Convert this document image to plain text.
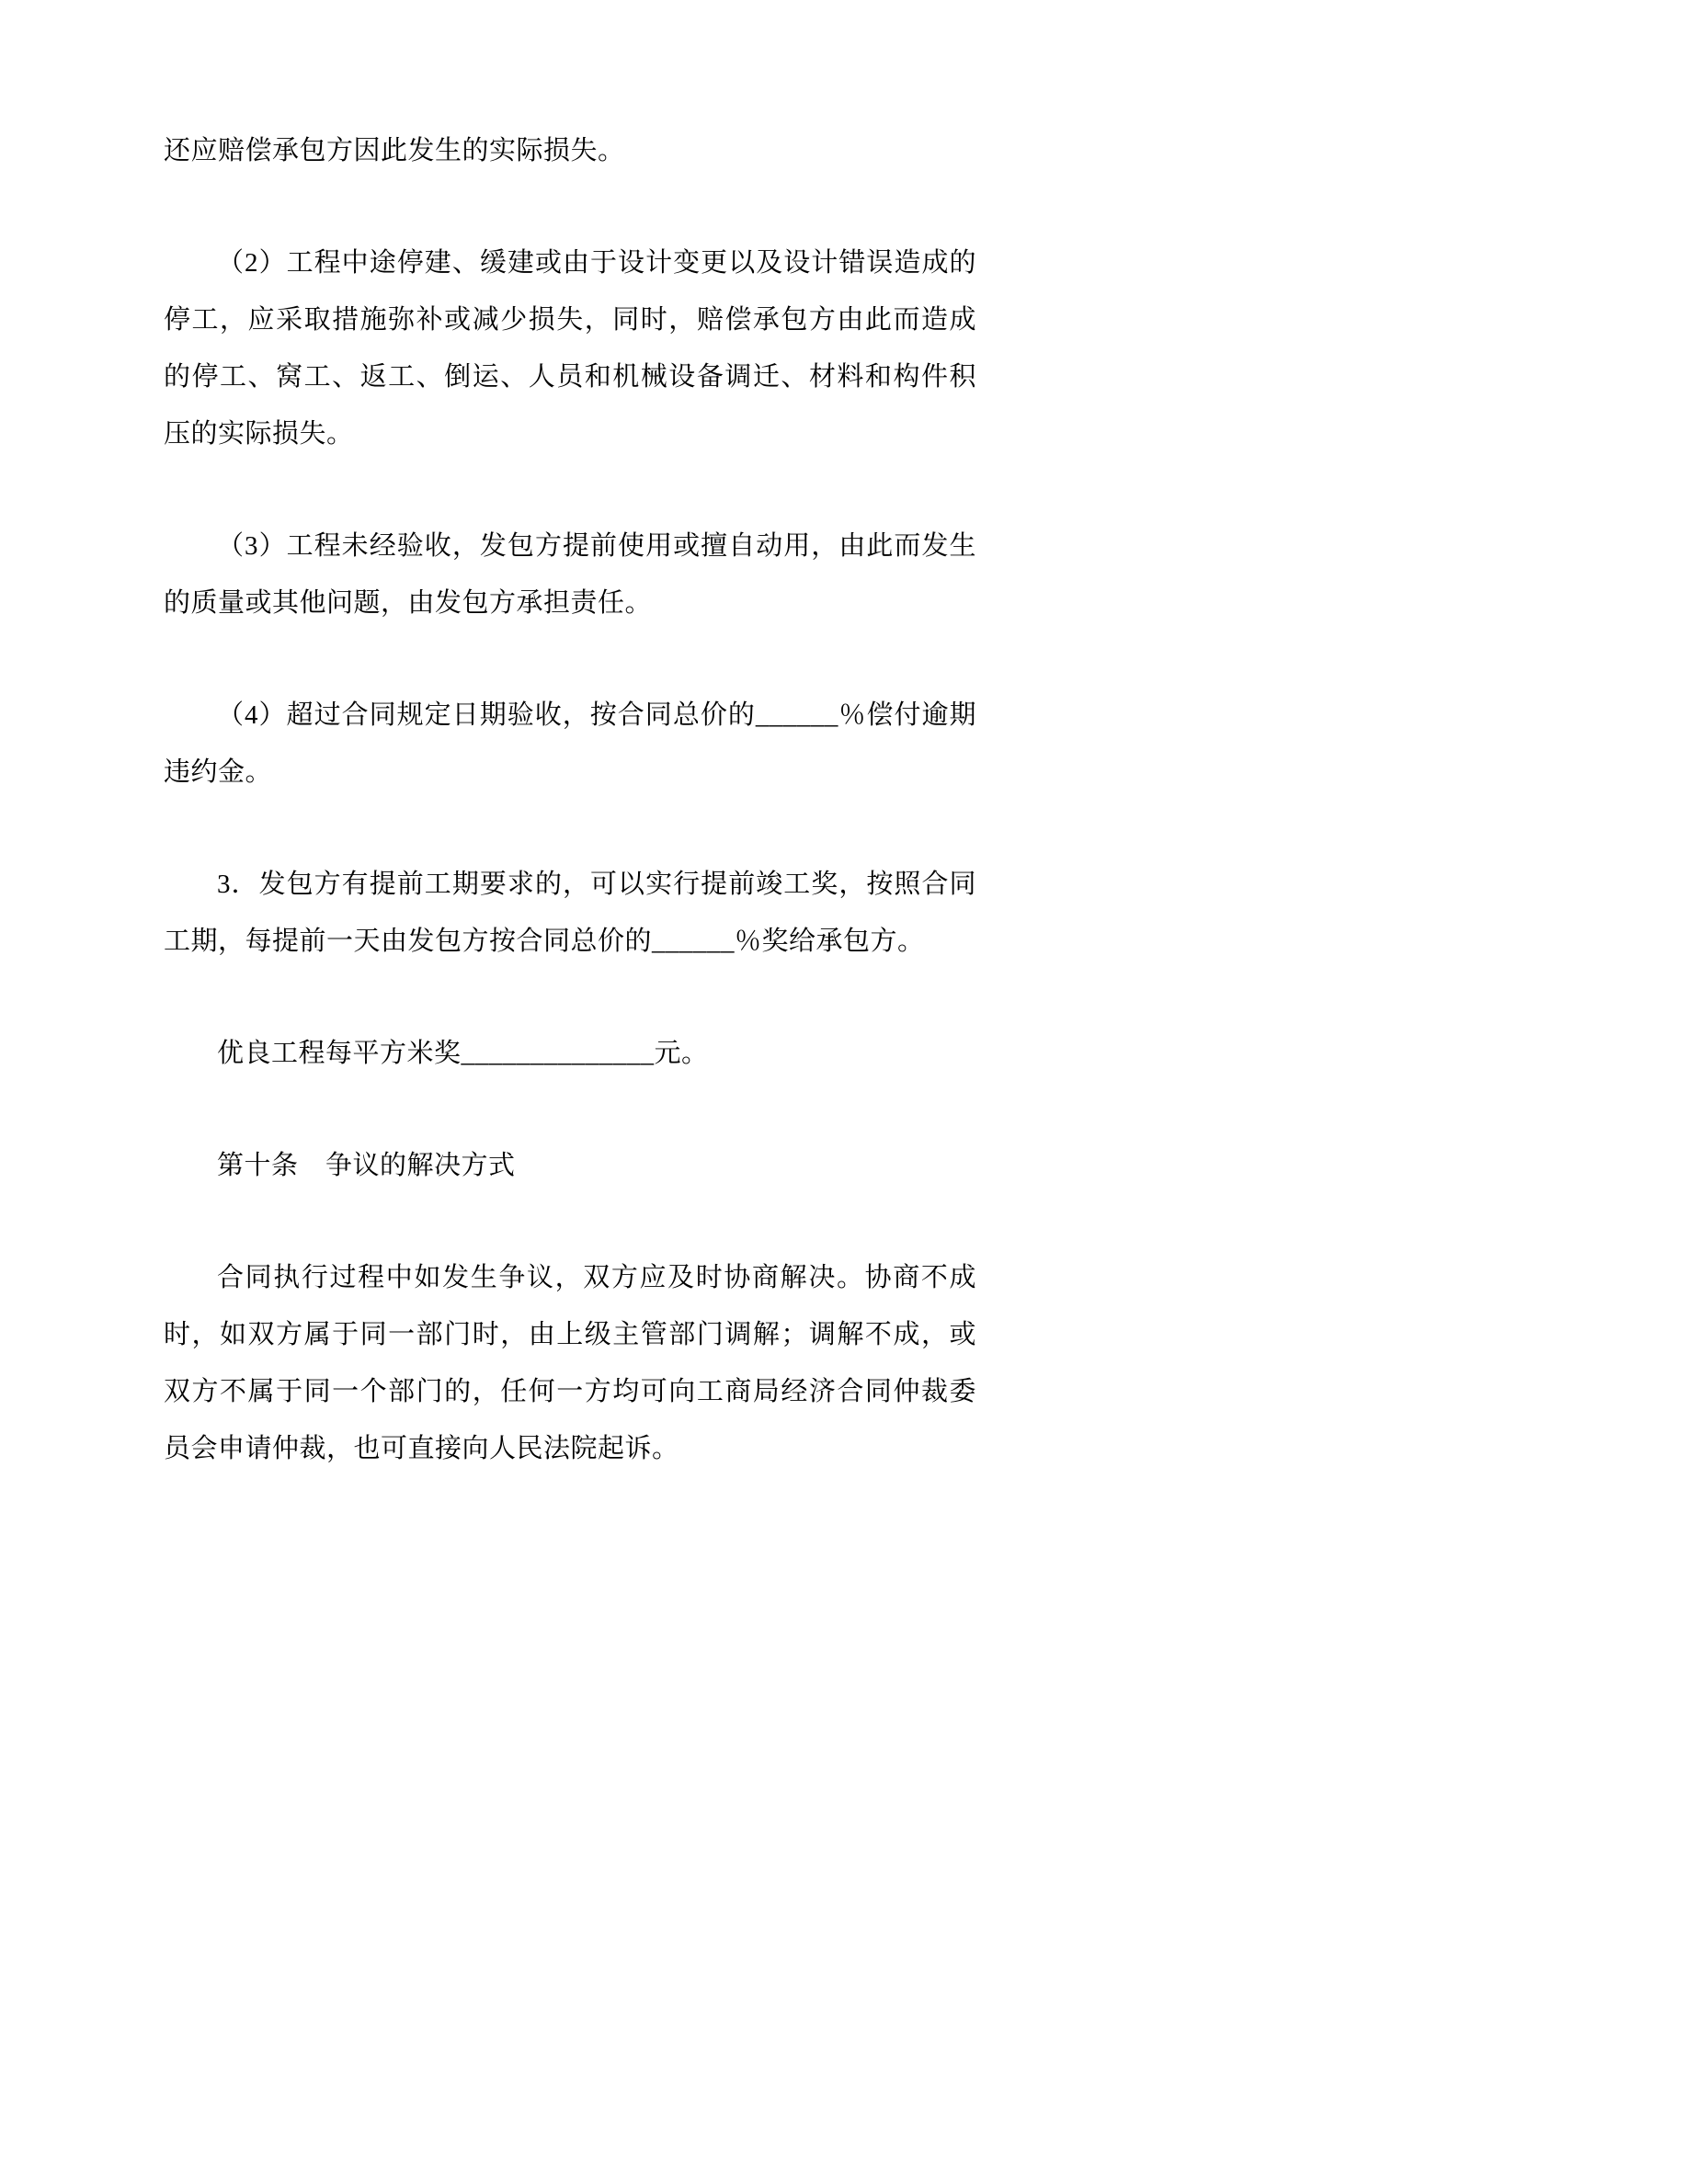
还应赔偿承包方因此发生的实际损失。

（2）工程中途停建、缓建或由于设计变更以及设计错误造成的停工，应采取措施弥补或减少损失，同时，赔偿承包方由此而造成的停工、窝工、返工、倒运、人员和机械设备调迁、材料和构件积压的实际损失。

（3）工程未经验收，发包方提前使用或擅自动用，由此而发生的质量或其他问题，由发包方承担责任。

（4）超过合同规定日期验收，按合同总价的______％偿付逾期违约金。

3．发包方有提前工期要求的，可以实行提前竣工奖，按照合同工期，每提前一天由发包方按合同总价的______％奖给承包方。

优良工程每平方米奖______________元。

第十条　争议的解决方式

合同执行过程中如发生争议，双方应及时协商解决。协商不成时，如双方属于同一部门时，由上级主管部门调解；调解不成，或双方不属于同一个部门的，任何一方均可向工商局经济合同仲裁委员会申请仲裁，也可直接向人民法院起诉。
